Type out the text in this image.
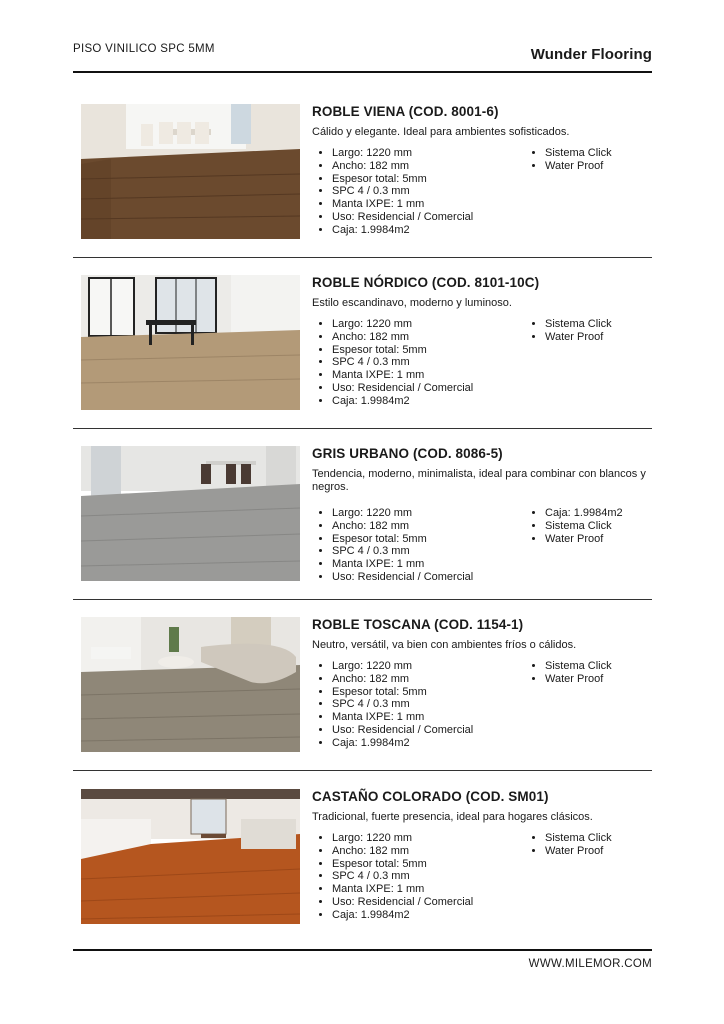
PISO VINILICO SPC 5MM	Wunder Flooring
ROBLE VIENA (COD. 8001-6)

Cálido y elegante. Ideal para ambientes sofisticados.

• Largo: 1220 mm
• Ancho: 182 mm
• Espesor total: 5mm
• SPC 4 / 0.3 mm
• Manta IXPE: 1 mm
• Uso: Residencial / Comercial
• Caja: 1.9984m2
• Sistema Click
• Water Proof
ROBLE NÓRDICO (COD. 8101-10C)

Estilo escandinavo, moderno y luminoso.

• Largo: 1220 mm
• Ancho: 182 mm
• Espesor total: 5mm
• SPC 4 / 0.3 mm
• Manta IXPE: 1 mm
• Uso: Residencial / Comercial
• Caja: 1.9984m2
• Sistema Click
• Water Proof
GRIS URBANO (COD. 8086-5)

Tendencia, moderno, minimalista, ideal para combinar con blancos y negros.

• Largo: 1220 mm
• Ancho: 182 mm
• Espesor total: 5mm
• SPC 4 / 0.3 mm
• Manta IXPE: 1 mm
• Uso: Residencial / Comercial
• Caja: 1.9984m2
• Sistema Click
• Water Proof
ROBLE TOSCANA (COD. 1154-1)

Neutro, versátil, va bien con ambientes fríos o cálidos.

• Largo: 1220 mm
• Ancho: 182 mm
• Espesor total: 5mm
• SPC 4 / 0.3 mm
• Manta IXPE: 1 mm
• Uso: Residencial / Comercial
• Caja: 1.9984m2
• Sistema Click
• Water Proof
CASTAÑO COLORADO (COD. SM01)

Tradicional, fuerte presencia, ideal para hogares clásicos.

• Largo: 1220 mm
• Ancho: 182 mm
• Espesor total: 5mm
• SPC 4 / 0.3 mm
• Manta IXPE: 1 mm
• Uso: Residencial / Comercial
• Caja: 1.9984m2
• Sistema Click
• Water Proof
WWW.MILEMOR.COM
